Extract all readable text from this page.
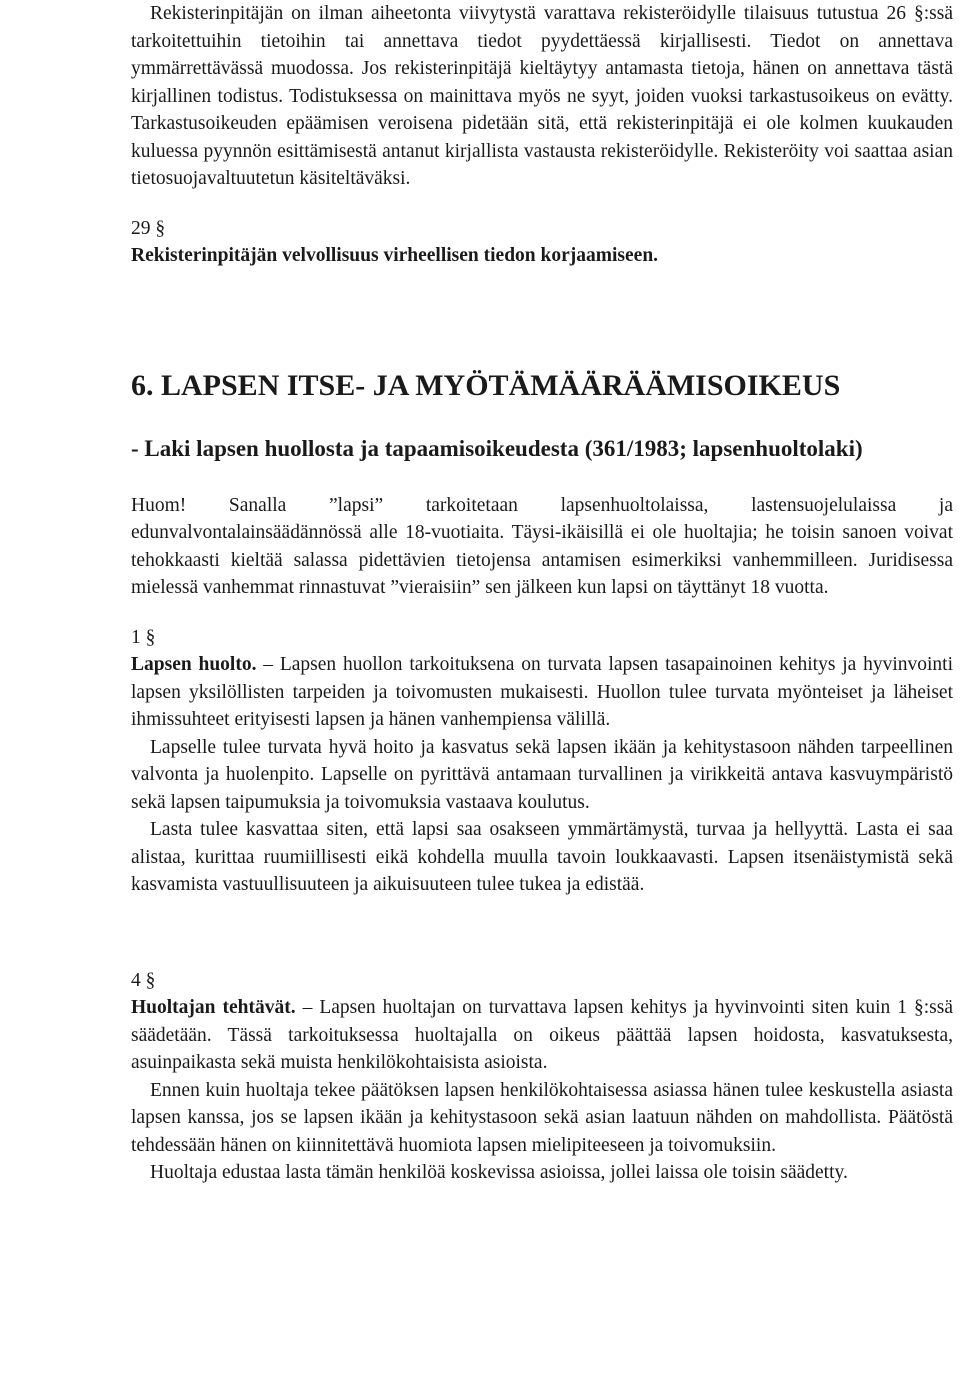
Rekisterinpitäjän on ilman aiheetonta viivytystä varattava rekisteröidylle tilaisuus tutustua 26 §:ssä tarkoitettuihin tietoihin tai annettava tiedot pyydettäessä kirjallisesti. Tiedot on annettava ymmärrettävässä muodossa. Jos rekisterinpitäjä kieltäytyy antamasta tietoja, hänen on annettava tästä kirjallinen todistus. Todistuksessa on mainittava myös ne syyt, joiden vuoksi tarkastusoikeus on evätty. Tarkastusoikeuden epäämisen veroisena pidetään sitä, että rekisterinpitäjä ei ole kolmen kuukauden kuluessa pyynnön esittämisestä antanut kirjallista vastausta rekisteröidylle. Rekisteröity voi saattaa asian tietosuojavaltuutetun käsiteltäväksi.

29 §

Rekisterinpitäjän velvollisuus virheellisen tiedon korjaamiseen.

6. LAPSEN ITSE- JA MYÖTÄMÄÄRÄÄMISOIKEUS
- Laki lapsen huollosta ja tapaamisoikeudesta (361/1983; lapsenhuoltolaki)

Huom! Sanalla ”lapsi” tarkoitetaan lapsenhuoltolaissa, lastensuojelulaissa ja edunvalvontalainsäädännössä alle 18-vuotiaita. Täysi-ikäisillä ei ole huoltajia; he toisin sanoen voivat tehokkaasti kieltää salassa pidettävien tietojensa antamisen esimerkiksi vanhemmilleen. Juridisessa mielessä vanhemmat rinnastuvat ”vieraisiin” sen jälkeen kun lapsi on täyttänyt 18 vuotta.

1 §

Lapsen huolto. – Lapsen huollon tarkoituksena on turvata lapsen tasapainoinen kehitys ja hyvinvointi lapsen yksilöllisten tarpeiden ja toivomusten mukaisesti. Huollon tulee turvata myönteiset ja läheiset ihmissuhteet erityisesti lapsen ja hänen vanhempiensa välillä.

Lapselle tulee turvata hyvä hoito ja kasvatus sekä lapsen ikään ja kehitystasoon nähden tarpeellinen valvonta ja huolenpito. Lapselle on pyrittävä antamaan turvallinen ja virikkeitä antava kasvuympäristö sekä lapsen taipumuksia ja toivomuksia vastaava koulutus.

Lasta tulee kasvattaa siten, että lapsi saa osakseen ymmärtämystä, turvaa ja hellyyttä. Lasta ei saa alistaa, kurittaa ruumiillisesti eikä kohdella muulla tavoin loukkaavasti. Lapsen itsenäistymistä sekä kasvamista vastuullisuuteen ja aikuisuuteen tulee tukea ja edistää.

4 §

Huoltajan tehtävät. – Lapsen huoltajan on turvattava lapsen kehitys ja hyvinvointi siten kuin 1 §:ssä säädetään. Tässä tarkoituksessa huoltajalla on oikeus päättää lapsen hoidosta, kasvatuksesta, asuinpaikasta sekä muista henkilökohtaisista asioista.

Ennen kuin huoltaja tekee päätöksen lapsen henkilökohtaisessa asiassa hänen tulee keskustella asiasta lapsen kanssa, jos se lapsen ikään ja kehitystasoon sekä asian laatuun nähden on mahdollista. Päätöstä tehdessään hänen on kiinnitettävä huomiota lapsen mielipiteeseen ja toivomuksiin.

Huoltaja edustaa lasta tämän henkilöä koskevissa asioissa, jollei laissa ole toisin säädetty.
